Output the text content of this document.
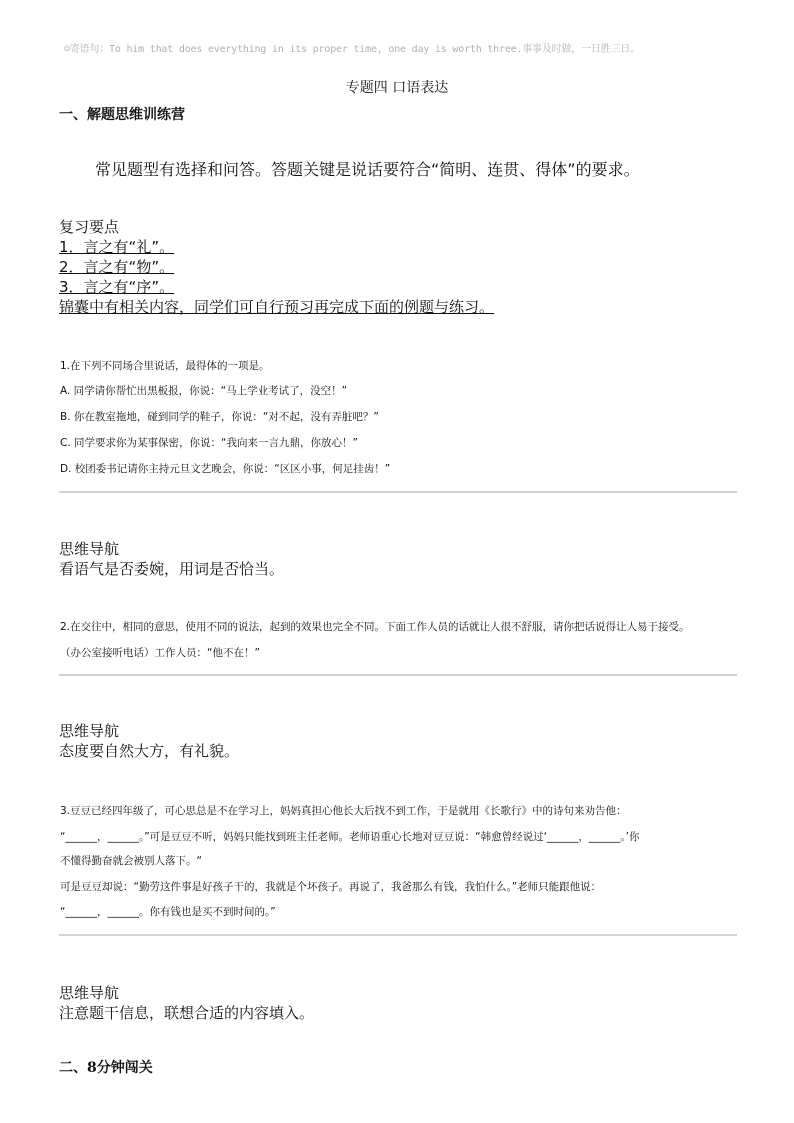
☺寄语句：To him that does everything in its proper time, one day is worth three.事事及时做，一日胜三日。
专题四 口语表达
一、解题思维训练营
常见题型有选择和问答。答题关键是说话要符合“简明、连贯、得体”的要求。
复习要点
1．言之有“礼”。
2．言之有“物”。
3．言之有“序”。
锦囊中有相关内容，同学们可自行预习再完成下面的例题与练习。
1.在下列不同场合里说话，最得体的一项是。
A. 同学请你帮忙出黑板报，你说：“马上学业考试了，没空！”
B. 你在教室拖地，碰到同学的鞋子，你说：“对不起，没有弄脏吧？”
C. 同学要求你为某事保密，你说：“我向来一言九鼎，你放心！”
D. 校团委书记请你主持元旦文艺晚会，你说：“区区小事，何足挂齿！”
思维导航
看语气是否委婉，用词是否恰当。
2.在交往中，相同的意思，使用不同的说法，起到的效果也完全不同。下面工作人员的话就让人很不舒服，请你把话说得让人易于接受。
（办公室接听电话）工作人员：“他不在！”
思维导航
态度要自然大方，有礼貌。
3.豆豆已经四年级了，可心思总是不在学习上，妈妈真担心他长大后找不到工作，于是就用《长歌行》中的诗句来劝告他：
“______，______。”可是豆豆不听，妈妈只能找到班主任老师。老师语重心长地对豆豆说：“韩愈曾经说过‘______，______。’你
不懂得勤奋就会被别人落下。“
可是豆豆却说：“勤劳这件事是好孩子干的，我就是个坏孩子。再说了，我爸那么有钱，我怕什么。”老师只能跟他说：
“______，______。你有钱也是买不到时间的。”
思维导航
注意题干信息，联想合适的内容填入。
二、8分钟闯关
